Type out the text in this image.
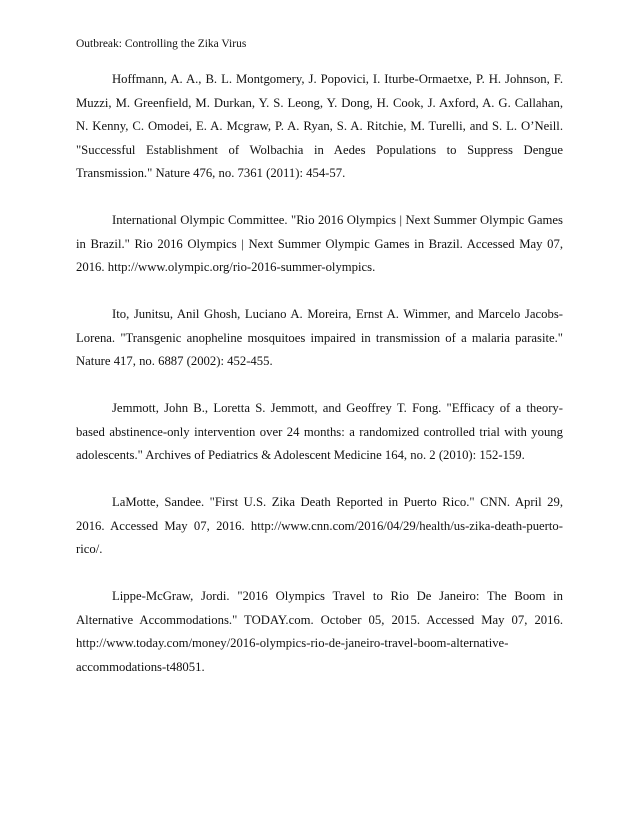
Outbreak: Controlling the Zika Virus

Hoffmann, A. A., B. L. Montgomery, J. Popovici, I. Iturbe-Ormaetxe, P. H. Johnson, F. Muzzi, M. Greenfield, M. Durkan, Y. S. Leong, Y. Dong, H. Cook, J. Axford, A. G. Callahan, N. Kenny, C. Omodei, E. A. Mcgraw, P. A. Ryan, S. A. Ritchie, M. Turelli, and S. L. O’Neill. "Successful Establishment of Wolbachia in Aedes Populations to Suppress Dengue Transmission." Nature 476, no. 7361 (2011): 454-57.

International Olympic Committee. "Rio 2016 Olympics | Next Summer Olympic Games in Brazil." Rio 2016 Olympics | Next Summer Olympic Games in Brazil. Accessed May 07, 2016. http://www.olympic.org/rio-2016-summer-olympics.

Ito, Junitsu, Anil Ghosh, Luciano A. Moreira, Ernst A. Wimmer, and Marcelo Jacobs-Lorena. "Transgenic anopheline mosquitoes impaired in transmission of a malaria parasite." Nature 417, no. 6887 (2002): 452-455.

Jemmott, John B., Loretta S. Jemmott, and Geoffrey T. Fong. "Efficacy of a theory-based abstinence-only intervention over 24 months: a randomized controlled trial with young adolescents." Archives of Pediatrics & Adolescent Medicine 164, no. 2 (2010): 152-159.

LaMotte, Sandee. "First U.S. Zika Death Reported in Puerto Rico." CNN. April 29, 2016. Accessed May 07, 2016. http://www.cnn.com/2016/04/29/health/us-zika-death-puerto-rico/.

Lippe-McGraw, Jordi. "2016 Olympics Travel to Rio De Janeiro: The Boom in Alternative Accommodations." TODAY.com. October 05, 2015. Accessed May 07, 2016. http://www.today.com/money/2016-olympics-rio-de-janeiro-travel-boom-alternative-accommodations-t48051.
